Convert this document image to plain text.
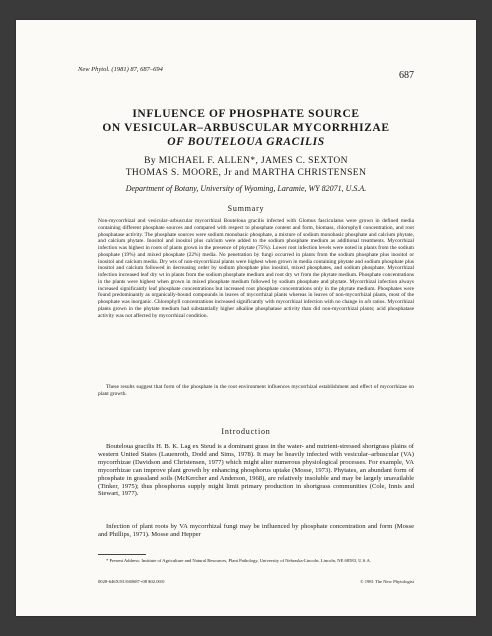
New Phytol. (1981) 87, 687–694
687
INFLUENCE OF PHOSPHATE SOURCE
ON VESICULAR–ARBUSCULAR MYCORRHIZAE
OF BOUTELOUA GRACILIS
By MICHAEL F. ALLEN*, JAMES C. SEXTON
THOMAS S. MOORE, Jr and MARTHA CHRISTENSEN
Department of Botany, University of Wyoming, Laramie, WY 82071, U.S.A.
Summary

Non-mycorrhizal and vesicular–arbuscular mycorrhizal Bouteloua gracilis infected with Glomus fasciculatus were grown in defined media containing different phosphate sources and compared with respect to phosphate content and form, biomass, chlorophyll concentration, and root phosphatase activity. The phosphate sources were sodium monobasic phosphate, a mixture of sodium monobasic phosphate and calcium phytate, and calcium phytate. Inositol and inositol plus calcium were added to the sodium phosphate medium as additional treatments. Mycorrhizal infection was highest in roots of plants grown in the presence of phytate (75%). Lower root infection levels were noted in plants from the sodium phosphate (19%) and mixed phosphate (22%) media. No penetration by fungi occurred in plants from the sodium phosphate plus inositol or inositol and calcium media. Dry wts of non-mycorrhizal plants were highest when grown in media containing phytate and sodium phosphate plus inositol and calcium followed in decreasing order by sodium phosphate plus inositol, mixed phosphates, and sodium phosphate. Mycorrhizal infection increased leaf dry wt in plants from the sodium phosphate medium and root dry wt from the phytate medium. Phosphate concentrations in the plants were highest when grown in mixed phosphate medium followed by sodium phosphate and phytate. Mycorrhizal infection always increased significantly leaf phosphate concentrations but increased root phosphate concentrations only in the phytate medium. Phosphates were found predominantly as organically-bound compounds in leaves of mycorrhizal plants whereas in leaves of non-mycorrhizal plants, most of the phosphate was inorganic. Chlorophyll concentrations increased significantly with mycorrhizal infection with no change in a/b ratios. Mycorrhizal plants grown in the phytate medium had substantially higher alkaline phosphatase activity than did non-mycorrhizal plants; acid phosphatase activity was not affected by mycorrhizal condition.

These results suggest that form of the phosphate in the root environment influences mycorrhizal establishment and effect of mycorrhizae on plant growth.

Introduction

Bouteloua gracilis H. B. K. Lag ex Steud is a dominant grass in the water- and nutrient-stressed shortgrass plains of western United States (Lauenroth, Dodd and Sims, 1978). It may be heavily infected with vesicular–arbuscular (VA) mycorrhizae (Davidson and Christensen, 1977) which might alter numerous physiological processes. For example, VA mycorrhizae can improve plant growth by enhancing phosphorus uptake (Mosse, 1973). Phytates, an abundant form of phosphate in grassland soils (McKercher and Anderson, 1968), are relatively insoluble and may be largely unavailable (Tinker, 1975); thus phosphorus supply might limit primary production in shortgrass communities (Cole, Innis and Stewart, 1977).

Infection of plant roots by VA mycorrhizal fungi may be influenced by phosphate concentration and form (Mosse and Phillips, 1971). Mosse and Hepper

* Present Address: Institute of Agriculture and Natural Resources, Plant Pathology, University of Nebraska-Lincoln, Lincoln, NE 68583, U.S.A.

0028-646X/81/040687+08 $02.00/0	© 1981 The New Phytologist
